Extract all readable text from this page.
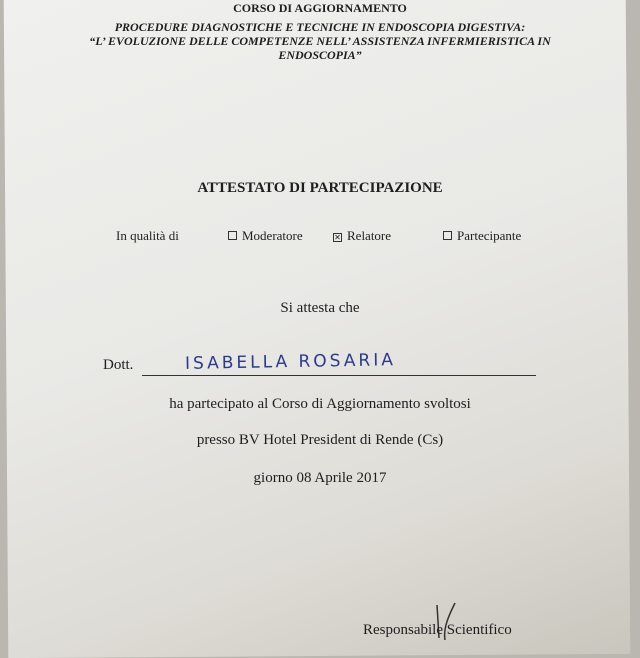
CORSO DI AGGIORNAMENTO
PROCEDURE DIAGNOSTICHE E TECNICHE IN ENDOSCOPIA DIGESTIVA:
“L’ EVOLUZIONE DELLE COMPETENZE NELL’ ASSISTENZA INFERMIERISTICA IN
ENDOSCOPIA”
ATTESTATO DI PARTECIPAZIONE
In qualità di	Moderatore	✕ Relatore	Partecipante
Si attesta che
Dott.	ISABELLA ROSARIA
ha partecipato al Corso di Aggiornamento svoltosi
presso BV Hotel President di Rende (Cs)
giorno 08 Aprile 2017
Responsabile Scientifico
